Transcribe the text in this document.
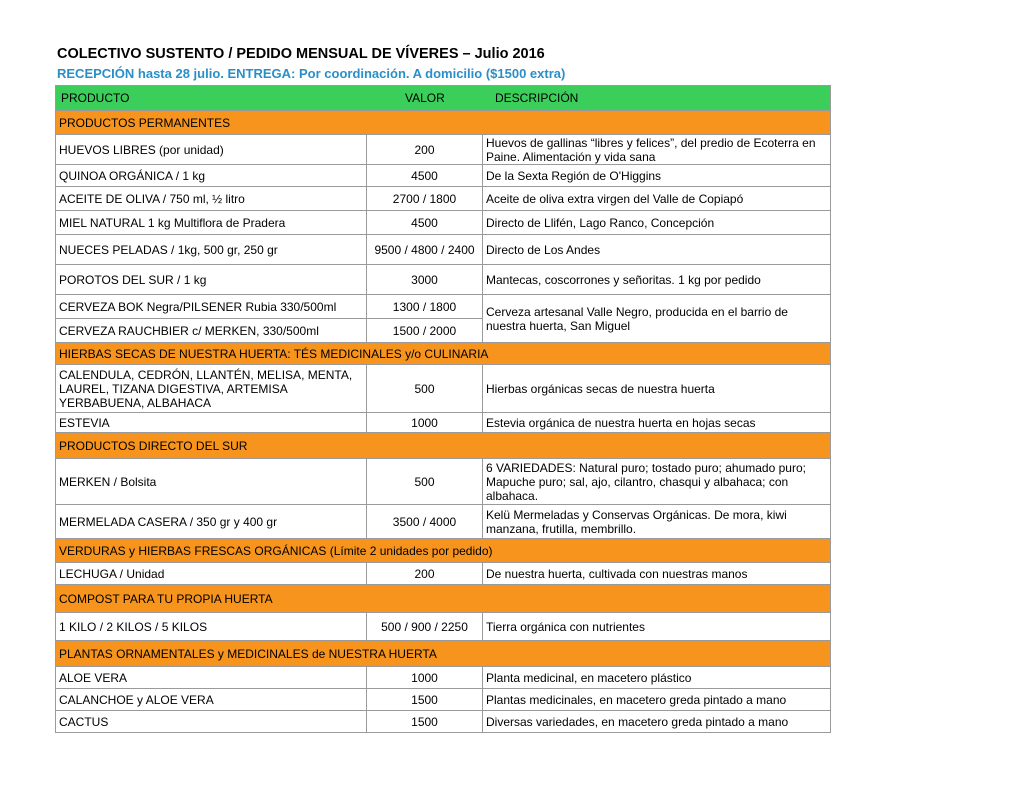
COLECTIVO SUSTENTO / PEDIDO MENSUAL DE VÍVERES – Julio 2016
RECEPCIÓN hasta 28 julio. ENTREGA: Por coordinación. A domicilio ($1500 extra)
PRODUCTO VALOR DESCRIPCIÓN		

PRODUCTOS PERMANENTES		
HUEVOS LIBRES (por unidad)	200	Huevos de gallinas “libres y felices”, del predio de Ecoterra en Paine. Alimentación y vida sana
QUINOA ORGÁNICA / 1 kg	4500	De la Sexta Región de O'Higgins
ACEITE DE OLIVA / 750 ml, ½ litro	2700 / 1800	Aceite de oliva extra virgen del Valle de Copiapó
MIEL NATURAL 1 kg Multiflora de Pradera	4500	Directo de Llifén, Lago Ranco, Concepción
NUECES PELADAS / 1kg, 500 gr, 250 gr	9500 / 4800 / 2400	Directo de Los Andes
POROTOS DEL SUR / 1 kg	3000	Mantecas, coscorrones y señoritas. 1 kg por pedido
CERVEZA BOK Negra/PILSENER Rubia 330/500ml	1300 / 1800	Cerveza artesanal Valle Negro, producida en el barrio de nuestra huerta, San Miguel
CERVEZA RAUCHBIER c/ MERKEN, 330/500ml	1500 / 2000	
HIERBAS SECAS DE NUESTRA HUERTA: TÉS MEDICINALES y/o CULINARIA		
CALENDULA, CEDRÓN, LLANTÉN, MELISA, MENTA, LAUREL, TIZANA DIGESTIVA, ARTEMISA YERBABUENA, ALBAHACA	500	Hierbas orgánicas secas de nuestra huerta
ESTEVIA	1000	Estevia orgánica de nuestra huerta en hojas secas
PRODUCTOS DIRECTO DEL SUR		
MERKEN / Bolsita	500	6 VARIEDADES: Natural puro; tostado puro; ahumado puro; Mapuche puro; sal, ajo, cilantro, chasqui y albahaca; con albahaca.
MERMELADA CASERA / 350 gr y 400 gr	3500 / 4000	Kelü Mermeladas y Conservas Orgánicas. De mora, kiwi manzana, frutilla, membrillo.
VERDURAS y HIERBAS FRESCAS ORGÁNICAS (Límite 2 unidades por pedido)		
LECHUGA / Unidad	200	De nuestra huerta, cultivada con nuestras manos
COMPOST PARA TU PROPIA HUERTA		
1 KILO / 2 KILOS / 5 KILOS	500 / 900 / 2250	Tierra orgánica con nutrientes
PLANTAS ORNAMENTALES y MEDICINALES de NUESTRA HUERTA		
ALOE VERA	1000	Planta medicinal, en macetero plástico
CALANCHOE y ALOE VERA	1500	Plantas medicinales, en macetero greda pintado a mano
CACTUS	1500	Diversas variedades, en macetero greda pintado a mano
